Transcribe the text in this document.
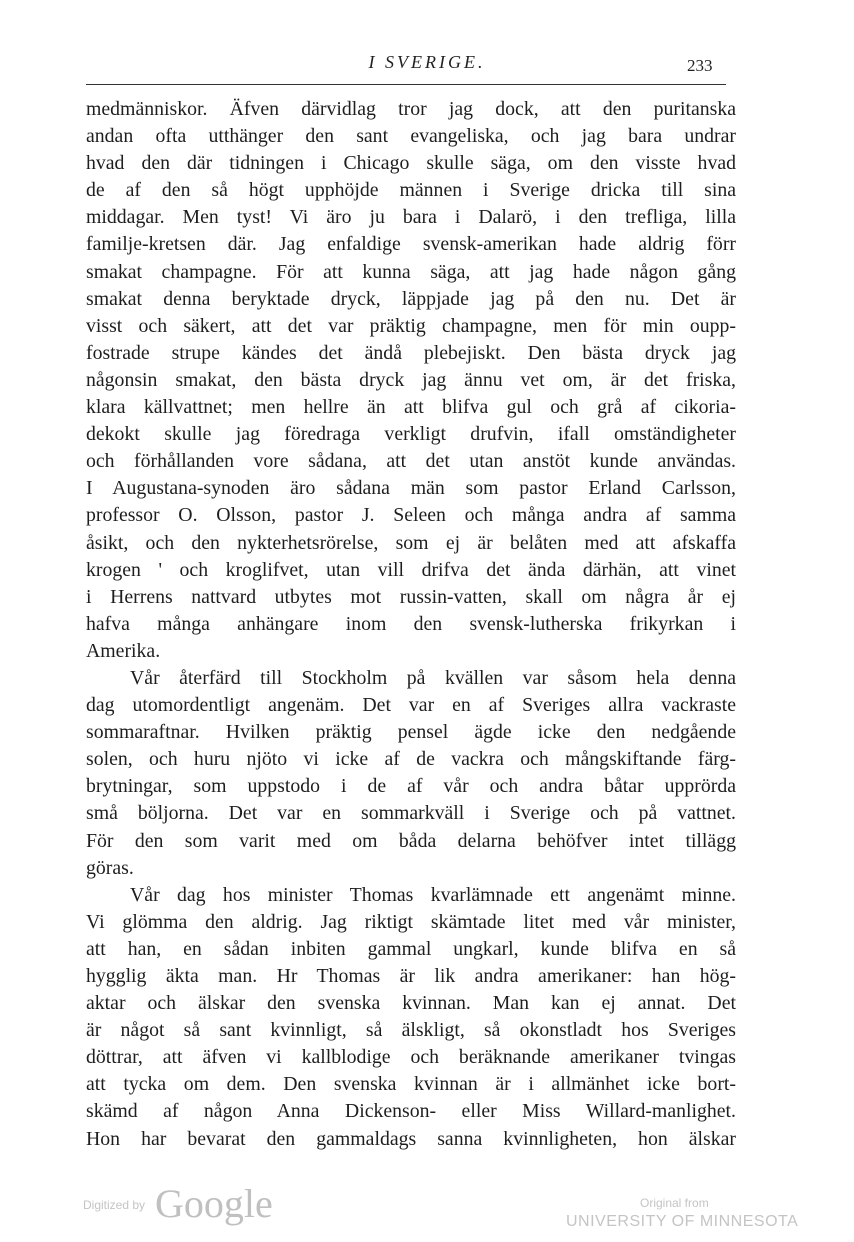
I SVERIGE.	233
medmänniskor. Äfven därvidlag tror jag dock, att den puritanska
andan ofta utthänger den sant evangeliska, och jag bara undrar
hvad den där tidningen i Chicago skulle säga, om den visste hvad
de af den så högt upphöjde männen i Sverige dricka till sina
middagar. Men tyst! Vi äro ju bara i Dalarö, i den trefliga, lilla
familje-kretsen där. Jag enfaldige svensk-amerikan hade aldrig förr
smakat champagne. För att kunna säga, att jag hade någon gång
smakat denna beryktade dryck, läppjade jag på den nu. Det är
visst och säkert, att det var präktig champagne, men för min oupp-
fostrade strupe kändes det ändå plebejiskt. Den bästa dryck jag
någonsin smakat, den bästa dryck jag ännu vet om, är det friska,
klara källvattnet; men hellre än att blifva gul och grå af cikoria-
dekokt skulle jag föredraga verkligt drufvin, ifall omständigheter
och förhållanden vore sådana, att det utan anstöt kunde användas.
I Augustana-synoden äro sådana män som pastor Erland Carlsson,
professor O. Olsson, pastor J. Seleen och många andra af samma
åsikt, och den nykterhetsrörelse, som ej är belåten med att afskaffa
krogen ' och kroglifvet, utan vill drifva det ända därhän, att vinet
i Herrens nattvard utbytes mot russin-vatten, skall om några år ej
hafva många anhängare inom den svensk-lutherska frikyrkan i
Amerika.
Vår återfärd till Stockholm på kvällen var såsom hela denna
dag utomordentligt angenäm. Det var en af Sveriges allra vackraste
sommaraftnar. Hvilken präktig pensel ägde icke den nedgående
solen, och huru njöto vi icke af de vackra och mångskiftande färg-
brytningar, som uppstodo i de af vår och andra båtar upprörda
små böljorna. Det var en sommarkväll i Sverige och på vattnet.
För den som varit med om båda delarna behöfver intet tillägg
göras.
Vår dag hos minister Thomas kvarlämnade ett angenämt minne.
Vi glömma den aldrig. Jag riktigt skämtade litet med vår minister,
att han, en sådan inbiten gammal ungkarl, kunde blifva en så
hygglig äkta man. Hr Thomas är lik andra amerikaner: han hög-
aktar och älskar den svenska kvinnan. Man kan ej annat. Det
är något så sant kvinnligt, så älskligt, så okonstladt hos Sveriges
döttrar, att äfven vi kallblodige och beräknande amerikaner tvingas
att tycka om dem. Den svenska kvinnan är i allmänhet icke bort-
skämd af någon Anna Dickenson- eller Miss Willard-manlighet.
Hon har bevarat den gammaldags sanna kvinnligheten, hon älskar
Digitized by Google	Original from
UNIVERSITY OF MINNESOTA
